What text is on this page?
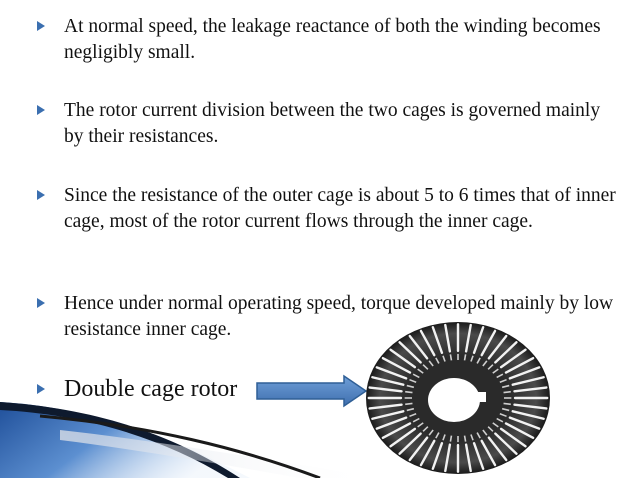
At normal speed, the leakage reactance of both the winding becomes negligibly small.
The rotor current division between the two cages is governed mainly by their resistances.
Since the resistance of the outer cage is about 5 to 6 times that of inner cage, most of the rotor current flows through the inner cage.
Hence under normal operating speed, torque developed mainly by low resistance inner cage.
Double cage rotor
